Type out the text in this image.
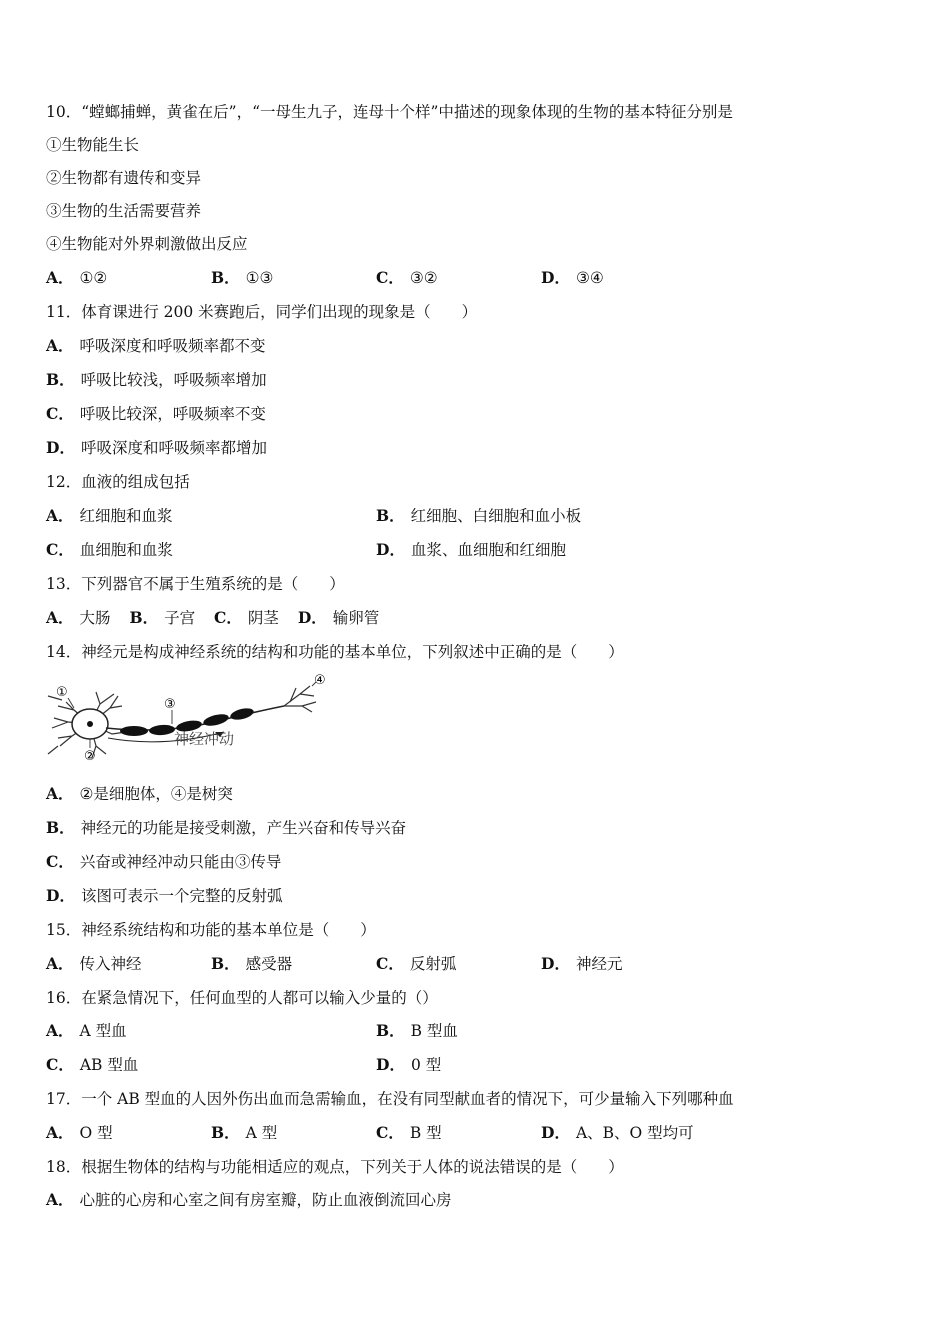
10．“螳螂捕蝉，黄雀在后”，“一母生九子，连母十个样”中描述的现象体现的生物的基本特征分别是
①生物能生长
②生物都有遗传和变异
③生物的生活需要营养
④生物能对外界刺激做出反应
A． ①②	B． ①③	C． ③②	D． ③④
11．体育课进行 200 米赛跑后，同学们出现的现象是（　　）
A． 呼吸深度和呼吸频率都不变
B． 呼吸比较浅，呼吸频率增加
C． 呼吸比较深，呼吸频率不变
D． 呼吸深度和呼吸频率都增加
12．血液的组成包括
A． 红细胞和血浆	B． 红细胞、白细胞和血小板
C． 血细胞和血浆	D． 血浆、血细胞和红细胞
13．下列器官不属于生殖系统的是（　　）
A． 大肠 B． 子宫 C． 阴茎 D． 输卵管
14．神经元是构成神经系统的结构和功能的基本单位，下列叙述中正确的是（　　）
①
②
③
④
神经冲动
A． ②是细胞体，④是树突
B． 神经元的功能是接受刺激，产生兴奋和传导兴奋
C． 兴奋或神经冲动只能由③传导
D． 该图可表示一个完整的反射弧
15．神经系统结构和功能的基本单位是（　　）
A． 传入神经	B． 感受器	C． 反射弧	D． 神经元
16．在紧急情况下，任何血型的人都可以输入少量的（）
A． A 型血	B． B 型血
C． AB 型血	D． 0 型
17．一个 AB 型血的人因外伤出血而急需输血，在没有同型献血者的情况下，可少量输入下列哪种血
A． O 型	B． A 型	C． B 型	D． A、B、O 型均可
18．根据生物体的结构与功能相适应的观点，下列关于人体的说法错误的是（　　）
A． 心脏的心房和心室之间有房室瓣，防止血液倒流回心房
